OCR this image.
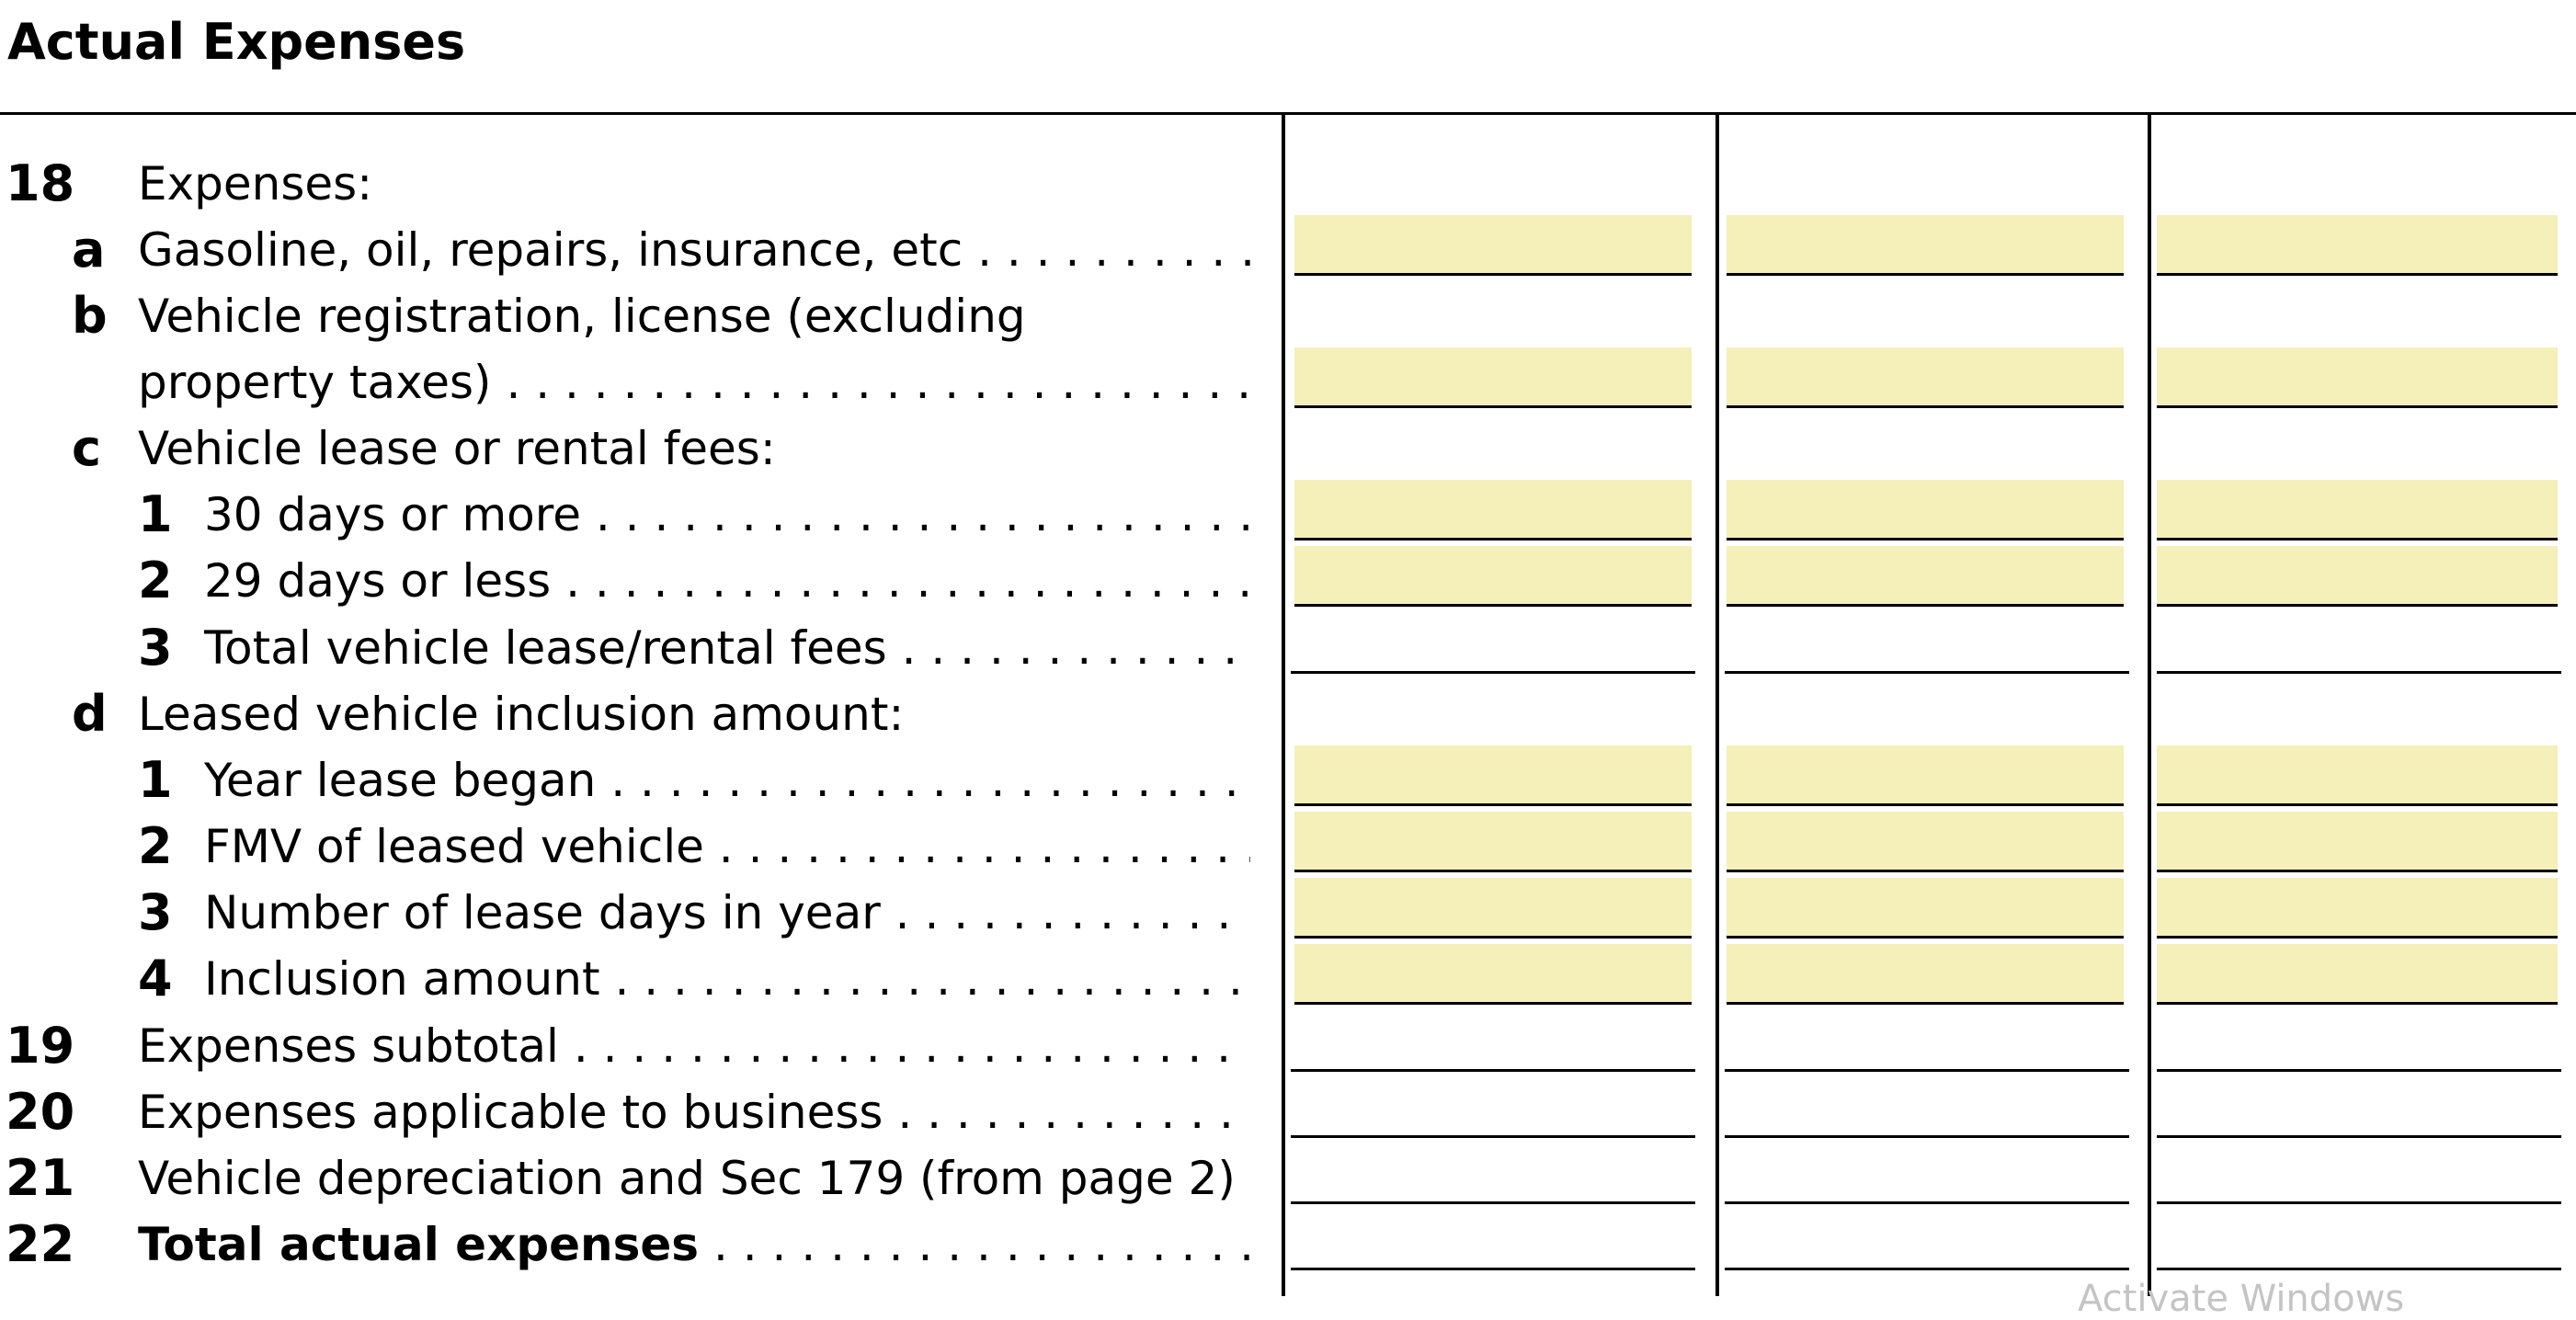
Actual Expenses
18 Expenses:
a Gasoline, oil, repairs, insurance, etc . . .
b Vehicle registration, license (excluding
property taxes) . . .
c Vehicle lease or rental fees:
1 30 days or more . . .
2 29 days or less . . .
3 Total vehicle lease/rental fees . . .
d Leased vehicle inclusion amount:
1 Year lease began . . .
2 FMV of leased vehicle . . .
3 Number of lease days in year . . .
4 Inclusion amount . . .
19 Expenses subtotal . . .
20 Expenses applicable to business . . .
21 Vehicle depreciation and Sec 179 (from page 2)
22 Total actual expenses . . .
Activate Windows
